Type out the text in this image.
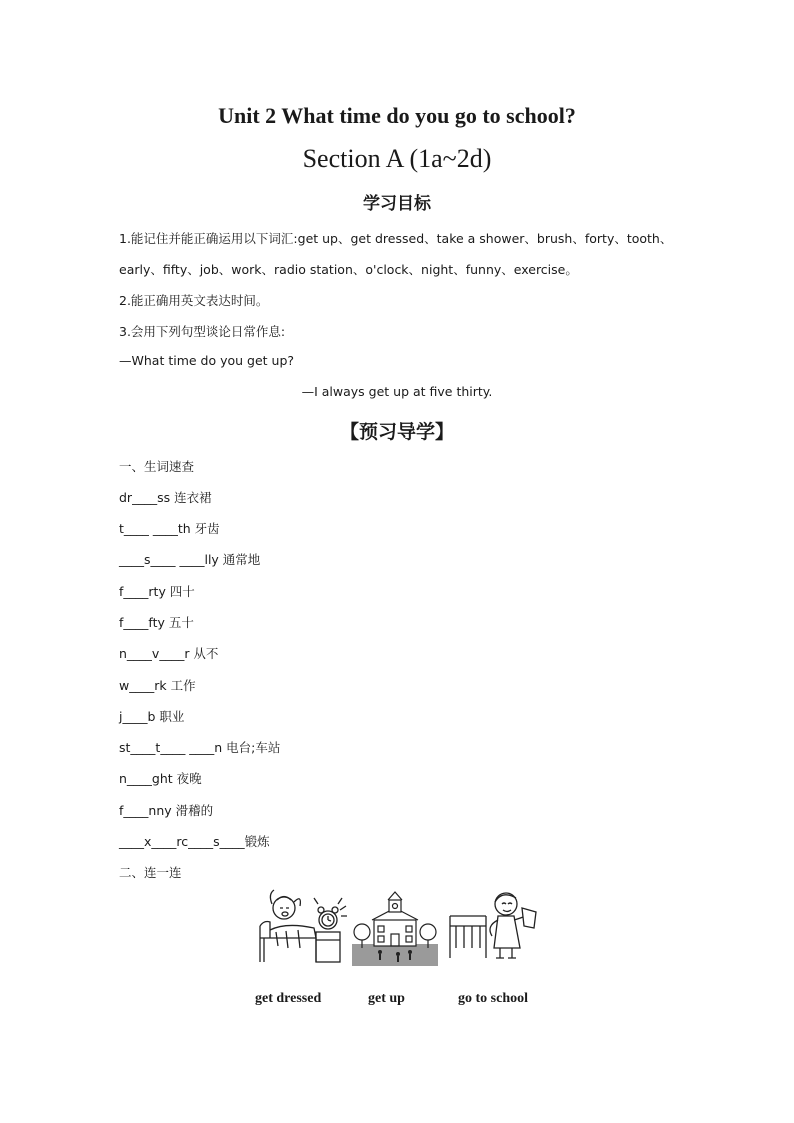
Unit 2 What time do you go to school?
Section A (1a~2d)
学习目标
1.能记住并能正确运用以下词汇:get up、get dressed、take a shower、brush、forty、tooth、
early、fifty、job、work、radio station、o'clock、night、funny、exercise。
2.能正确用英文表达时间。
3.会用下列句型谈论日常作息:
—What time do you get up?
—I always get up at five thirty.
【预习导学】
一、生词速查
dr____ss 连衣裙
t____ ____th 牙齿
____s____ ____lly 通常地
f____rty 四十
f____fty 五十
n____v____r 从不
w____rk 工作
j____b 职业
st____t____ ____n 电台;车站
n____ght 夜晚
f____nny 滑稽的
____x____rc____s____锻炼
二、连一连
get dressed	get up	go to school
